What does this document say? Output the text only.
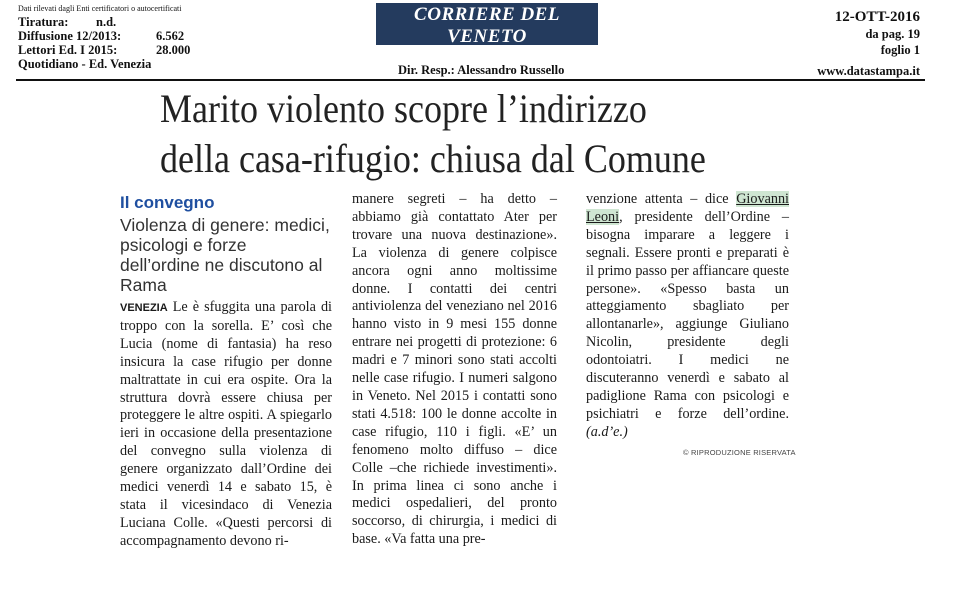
Dati rilevati dagli Enti certificatori o autocertificati
Tiratura: n.d.
Diffusione 12/2013:	6.562
Lettori Ed. I 2015:	28.000
Quotidiano - Ed. Venezia
CORRIERE DEL VENETO
VENEZIA E MESTRE
Dir. Resp.: Alessandro Russello
12-OTT-2016
da pag. 19
foglio 1
www.datastampa.it
Marito violento scopre l’indirizzo
della casa-rifugio: chiusa dal Comune
Il convegno
Violenza di genere: medici, psicologi e forze dell’ordine ne discutono al Rama
VENEZIA Le è sfuggita una parola di troppo con la sorella. E’ così che Lucia (nome di fantasia) ha reso insicura la case rifugio per donne maltrattate in cui era ospite. Ora la struttura dovrà essere chiusa per proteggere le altre ospiti. A spiegarlo ieri in occasione della presentazione del convegno sulla violenza di genere organizzato dall’Ordine dei medici venerdì 14 e sabato 15, è stata il vicesindaco di Venezia Luciana Colle. «Questi percorsi di accompagnamento devono ri-
manere segreti – ha detto – abbiamo già contattato Ater per trovare una nuova destinazione». La violenza di genere colpisce ancora ogni anno moltissime donne. I contatti dei centri antiviolenza del veneziano nel 2016 hanno visto in 9 mesi 155 donne entrare nei progetti di protezione: 6 madri e 7 minori sono stati accolti nelle case rifugio. I numeri salgono in Veneto. Nel 2015 i contatti sono stati 4.518: 100 le donne accolte in case rifugio, 110 i figli. «E’ un fenomeno molto diffuso – dice Colle –che richiede investimenti». In prima linea ci sono anche i medici ospedalieri, del pronto soccorso, di chirurgia, i medici di base. «Va fatta una pre-
venzione attenta – dice Giovanni Leoni, presidente dell’Ordine – bisogna imparare a leggere i segnali. Essere pronti e preparati è il primo passo per affiancare queste persone». «Spesso basta un atteggiamento sbagliato per allontanarle», aggiunge Giuliano Nicolin, presidente degli odontoiatri. I medici ne discuteranno venerdì e sabato al padiglione Rama con psicologi e psichiatri e forze dell’ordine.(a.d’e.)
© RIPRODUZIONE RISERVATA
